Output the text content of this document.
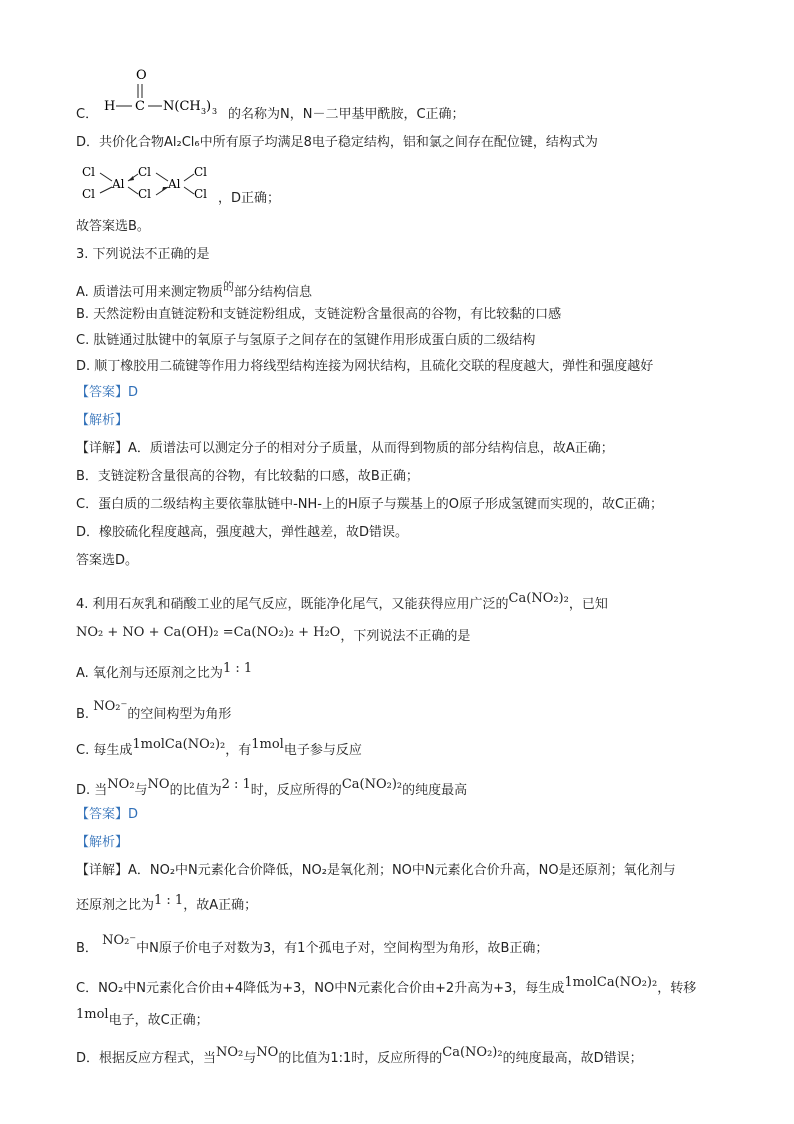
C．
O
H C N(CH 3 ) 3 的名称为N，N－二甲基甲酰胺，C正确；
D．共价化合物Al₂Cl₆中所有原子均满足8电子稳定结构，铝和氯之间存在配位键，结构式为
Cl
Cl
Al
Cl
Cl
Al
Cl
Cl ，D正确；
故答案选B。
3. 下列说法不正确的是
A. 质谱法可用来测定物质$^的$部分结构信息
B. 天然淀粉由直链淀粉和支链淀粉组成，支链淀粉含量很高的谷物，有比较黏的口感
C. 肽链通过肽键中的氧原子与氢原子之间存在的氢键作用形成蛋白质的二级结构
D. 顺丁橡胶用二硫键等作用力将线型结构连接为网状结构，且硫化交联的程度越大，弹性和强度越好
【答案】D
【解析】
【详解】A．质谱法可以测定分子的相对分子质量，从而得到物质的部分结构信息，故A正确；
B．支链淀粉含量很高的谷物，有比较黏的口感，故B正确；
C．蛋白质的二级结构主要依靠肽链中-NH-上的H原子与羰基上的O原子形成氢键而实现的，故C正确；
D．橡胶硫化程度越高，强度越大，弹性越差，故D错误。
答案选D。
4. 利用石灰乳和硝酸工业的尾气反应，既能净化尾气，又能获得应用广泛的Ca(NO₂)₂，已知
NO₂ + NO + Ca(OH)₂ =Ca(NO₂)₂ + H₂O，下列说法不正确的是
A. 氧化剂与还原剂之比为1 : 1
B. NO₂⁻的空间构型为角形
C. 每生成1molCa(NO₂)₂，有1mol电子参与反应
D. 当NO₂与NO的比值为2 : 1时，反应所得的Ca(NO₂)₂的纯度最高
【答案】D
【解析】
【详解】A．NO₂中N元素化合价降低，NO₂是氧化剂；NO中N元素化合价升高，NO是还原剂；氧化剂与
还原剂之比为1 : 1，故A正确；
B． NO₂⁻中N原子价电子对数为3，有1个孤电子对，空间构型为角形，故B正确；
C．NO₂中N元素化合价由+4降低为+3，NO中N元素化合价由+2升高为+3，每生成1molCa(NO₂)₂，转移
1mol电子，故C正确；
D．根据反应方程式，当NO₂与NO的比值为1:1时，反应所得的Ca(NO₂)₂的纯度最高，故D错误；
